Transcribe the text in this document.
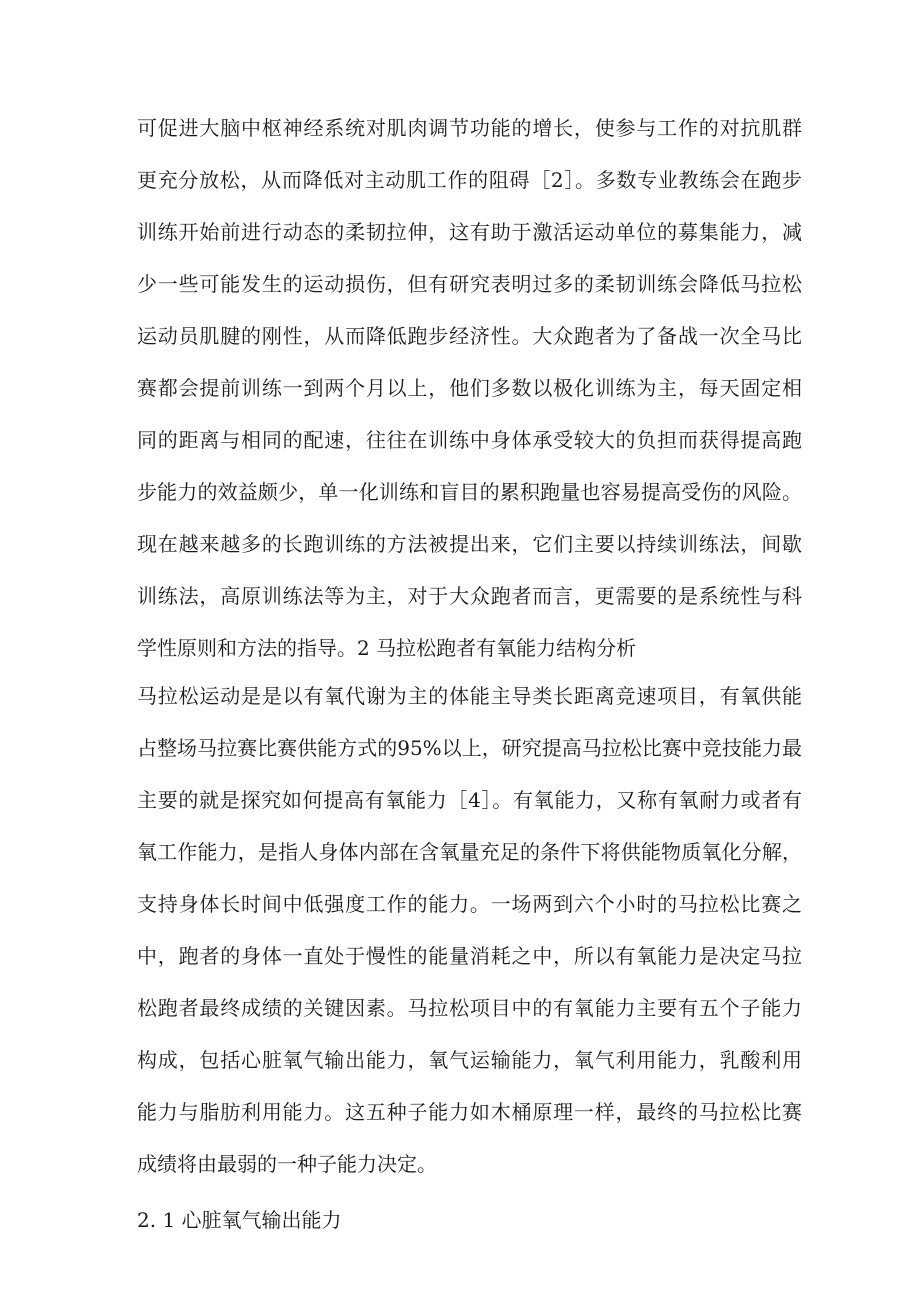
可促进大脑中枢神经系统对肌肉调节功能的增长，使参与工作的对抗肌群
更充分放松，从而降低对主动肌工作的阻碍［2］。多数专业教练会在跑步
训练开始前进行动态的柔韧拉伸，这有助于激活运动单位的募集能力，减
少一些可能发生的运动损伤，但有研究表明过多的柔韧训练会降低马拉松
运动员肌腱的刚性，从而降低跑步经济性。大众跑者为了备战一次全马比
赛都会提前训练一到两个月以上，他们多数以极化训练为主，每天固定相
同的距离与相同的配速，往往在训练中身体承受较大的负担而获得提高跑
步能力的效益颇少，单一化训练和盲目的累积跑量也容易提高受伤的风险。
现在越来越多的长跑训练的方法被提出来，它们主要以持续训练法，间歇
训练法，高原训练法等为主，对于大众跑者而言，更需要的是系统性与科
学性原则和方法的指导。2 马拉松跑者有氧能力结构分析
马拉松运动是是以有氧代谢为主的体能主导类长距离竞速项目，有氧供能
占整场马拉赛比赛供能方式的95%以上，研究提高马拉松比赛中竞技能力最
主要的就是探究如何提高有氧能力［4］。有氧能力，又称有氧耐力或者有
氧工作能力，是指人身体内部在含氧量充足的条件下将供能物质氧化分解，
支持身体长时间中低强度工作的能力。一场两到六个小时的马拉松比赛之
中，跑者的身体一直处于慢性的能量消耗之中，所以有氧能力是决定马拉
松跑者最终成绩的关键因素。马拉松项目中的有氧能力主要有五个子能力
构成，包括心脏氧气输出能力，氧气运输能力，氧气利用能力，乳酸利用
能力与脂肪利用能力。这五种子能力如木桶原理一样，最终的马拉松比赛
成绩将由最弱的一种子能力决定。
2. 1 心脏氧气输出能力
